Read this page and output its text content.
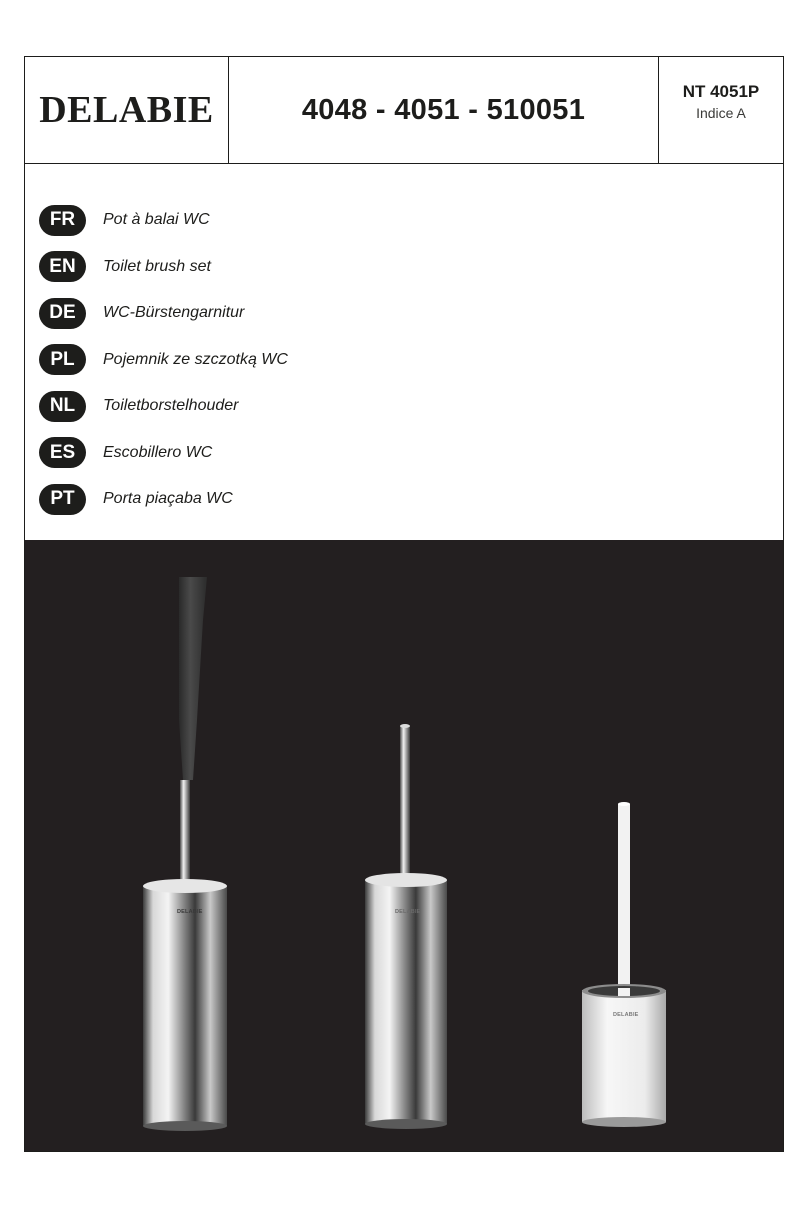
DELABIE	4048 - 4051 - 510051
NT 4051P
Indice A
FR	Pot à balai WC
EN	Toilet brush set
DE	WC-Bürstengarnitur
PL	Pojemnik ze szczotką WC
NL	Toiletborstelhouder
ES	Escobillero WC
PT	Porta piaçaba WC
DELABIE	DELABIE
DELABIE
